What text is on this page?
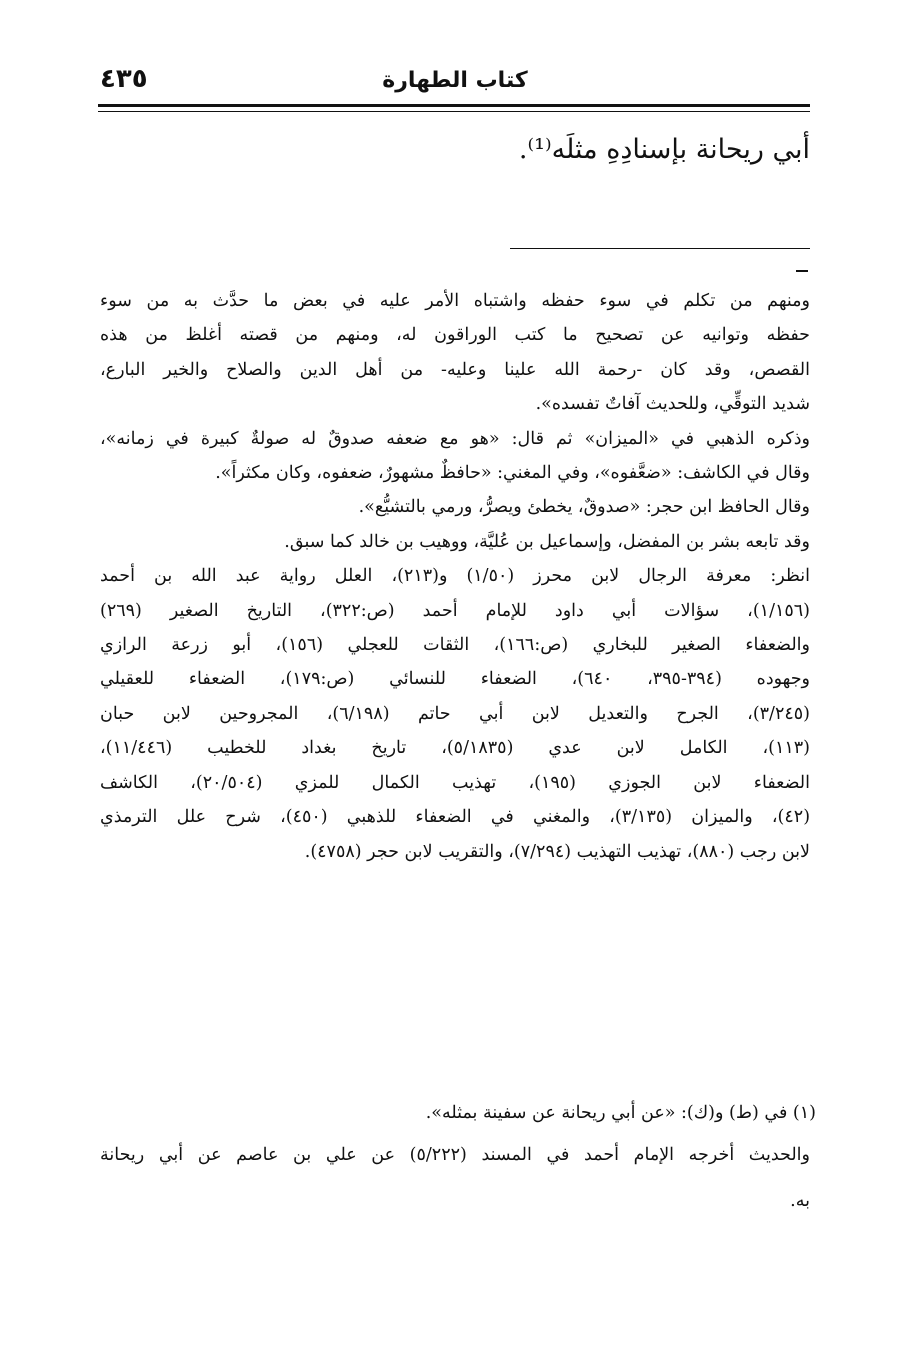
٤٣٥	كتاب الطهارة
أبي ريحانة بإسنادِهِ مثلَه⁽¹⁾.

ومنهم من تكلم في سوء حفظه واشتباه الأمر عليه في بعض ما حدَّث به من سوء

حفظه وتوانيه عن تصحيح ما كتب الوراقون له، ومنهم من قصته أغلظ من هذه

القصص، وقد كان -رحمة الله علينا وعليه- من أهل الدين والصلاح والخير البارع،

شديد التوقِّي، وللحديث آفاتٌ تفسده».

وذكره الذهبي في «الميزان» ثم قال: «هو مع ضعفه صدوقٌ له صولةٌ كبيرة في زمانه»،

وقال في الكاشف: «ضعَّفوه»، وفي المغني: «حافظٌ مشهورٌ، ضعفوه، وكان مكثراً».

وقال الحافظ ابن حجر: «صدوقٌ، يخطئ ويصرُّ، ورمي بالتشيُّع».

وقد تابعه بشر بن المفضل، وإسماعيل بن عُليَّة، ووهيب بن خالد كما سبق.

انظر: معرفة الرجال لابن محرز (١/٥٠) و(٢١٣)، العلل رواية عبد الله بن أحمد

(١/١٥٦)، سؤالات أبي داود للإمام أحمد (ص:٣٢٢)، التاريخ الصغير (٢٦٩)

والضعفاء الصغير للبخاري (ص:١٦٦)، الثقات للعجلي (١٥٦)، أبو زرعة الرازي

وجهوده (٣٩٤-٣٩٥، ٦٤٠)، الضعفاء للنسائي (ص:١٧٩)، الضعفاء للعقيلي

(٣/٢٤٥)، الجرح والتعديل لابن أبي حاتم (٦/١٩٨)، المجروحين لابن حبان

(١١٣)، الكامل لابن عدي (٥/١٨٣٥)، تاريخ بغداد للخطيب (١١/٤٤٦)،

الضعفاء لابن الجوزي (١٩٥)، تهذيب الكمال للمزي (٢٠/٥٠٤)، الكاشف

(٤٢)، والميزان (٣/١٣٥)، والمغني في الضعفاء للذهبي (٤٥٠)، شرح علل الترمذي

لابن رجب (٨٨٠)، تهذيب التهذيب (٧/٢٩٤)، والتقريب لابن حجر (٤٧٥٨).

(١) في (ط) و(ك): «عن أبي ريحانة عن سفينة بمثله».

والحديث أخرجه الإمام أحمد في المسند (٥/٢٢٢) عن علي بن عاصم عن أبي ريحانة

به.
